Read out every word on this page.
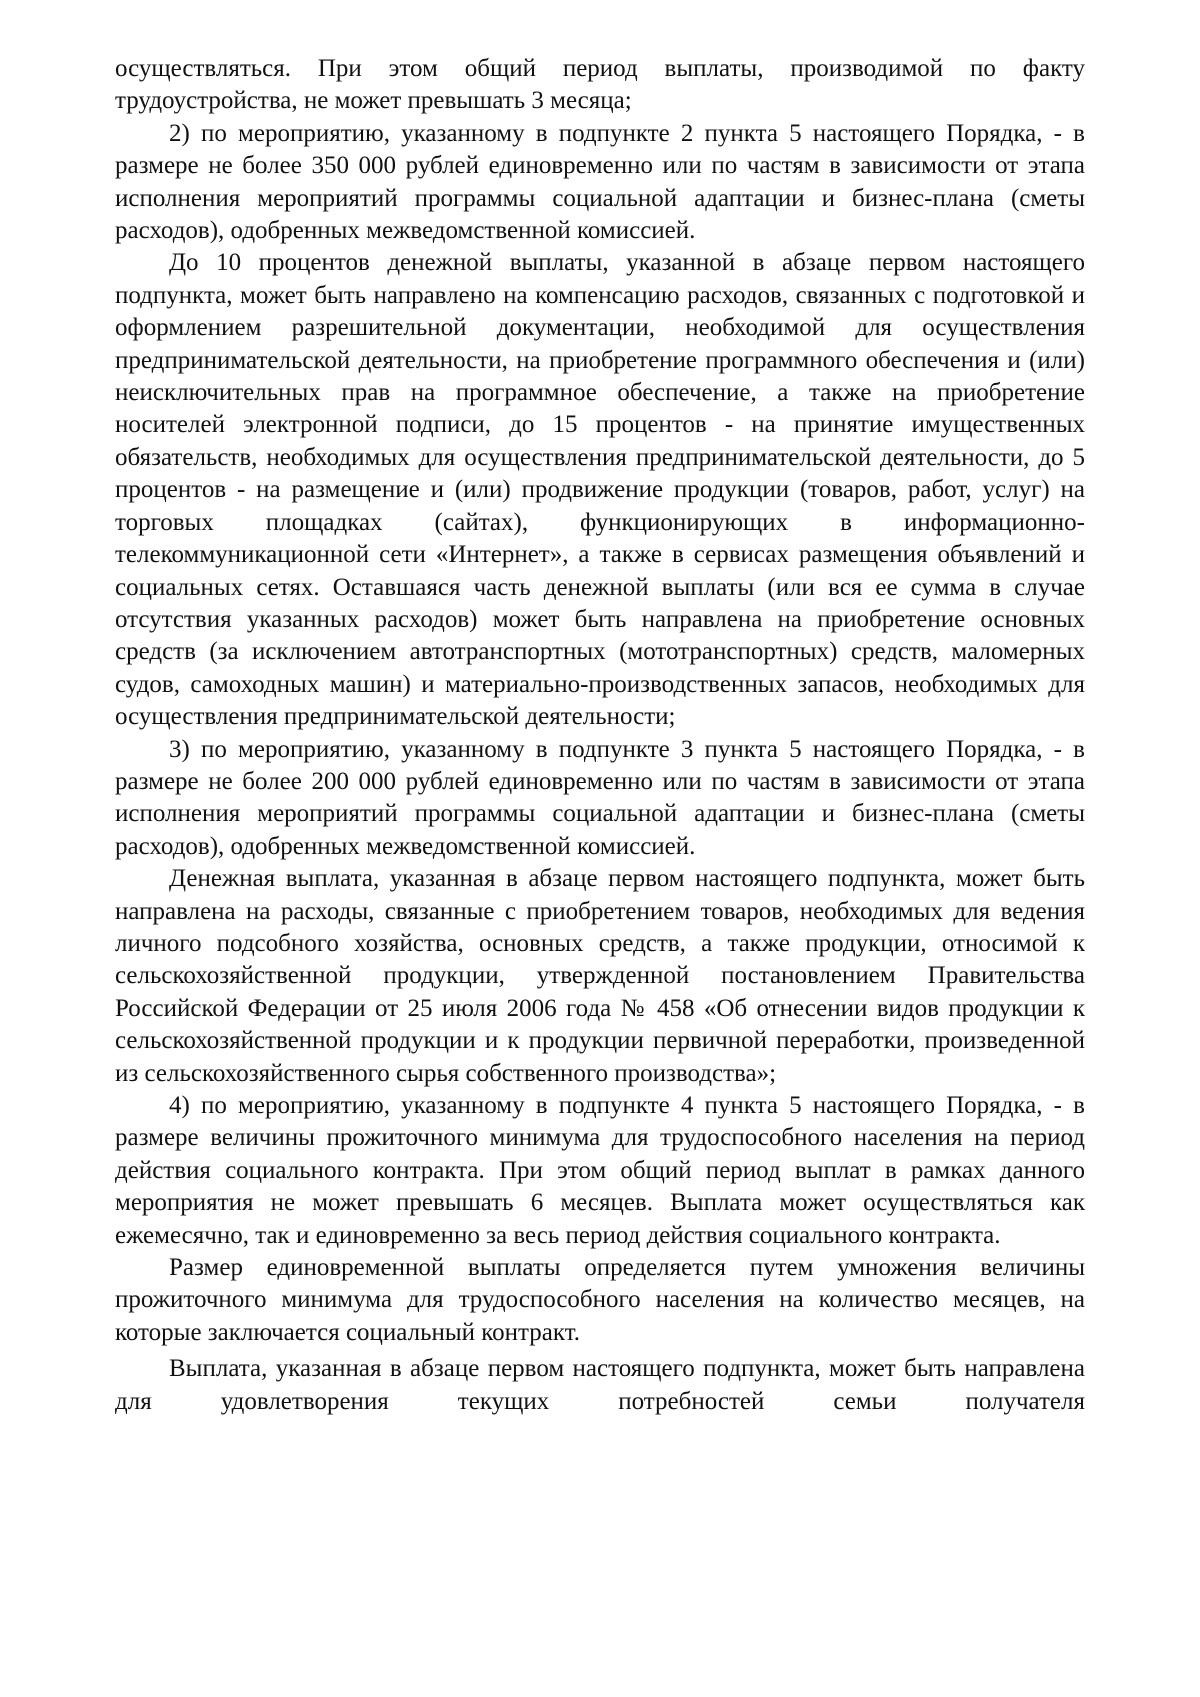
осуществляться. При этом общий период выплаты, производимой по факту трудоустройства, не может превышать 3 месяца;

2) по мероприятию, указанному в подпункте 2 пункта 5 настоящего Порядка, - в размере не более 350 000 рублей единовременно или по частям в зависимости от этапа исполнения мероприятий программы социальной адаптации и бизнес-плана (сметы расходов), одобренных межведомственной комиссией.

До 10 процентов денежной выплаты, указанной в абзаце первом настоящего подпункта, может быть направлено на компенсацию расходов, связанных с подготовкой и оформлением разрешительной документации, необходимой для осуществления предпринимательской деятельности, на приобретение программного обеспечения и (или) неисключительных прав на программное обеспечение, а также на приобретение носителей электронной подписи, до 15 процентов - на принятие имущественных обязательств, необходимых для осуществления предпринимательской деятельности, до 5 процентов - на размещение и (или) продвижение продукции (товаров, работ, услуг) на торговых площадках (сайтах), функционирующих в информационно-телекоммуникационной сети «Интернет», а также в сервисах размещения объявлений и социальных сетях. Оставшаяся часть денежной выплаты (или вся ее сумма в случае отсутствия указанных расходов) может быть направлена на приобретение основных средств (за исключением автотранспортных (мототранспортных) средств, маломерных судов, самоходных машин) и материально-производственных запасов, необходимых для осуществления предпринимательской деятельности;

3) по мероприятию, указанному в подпункте 3 пункта 5 настоящего Порядка, - в размере не более 200 000 рублей единовременно или по частям в зависимости от этапа исполнения мероприятий программы социальной адаптации и бизнес-плана (сметы расходов), одобренных межведомственной комиссией.

Денежная выплата, указанная в абзаце первом настоящего подпункта, может быть направлена на расходы, связанные с приобретением товаров, необходимых для ведения личного подсобного хозяйства, основных средств, а также продукции, относимой к сельскохозяйственной продукции, утвержденной постановлением Правительства Российской Федерации от 25 июля 2006 года № 458 «Об отнесении видов продукции к сельскохозяйственной продукции и к продукции первичной переработки, произведенной из сельскохозяйственного сырья собственного производства»;

4) по мероприятию, указанному в подпункте 4 пункта 5 настоящего Порядка, - в размере величины прожиточного минимума для трудоспособного населения на период действия социального контракта. При этом общий период выплат в рамках данного мероприятия не может превышать 6 месяцев. Выплата может осуществляться как ежемесячно, так и единовременно за весь период действия социального контракта.

Размер единовременной выплаты определяется путем умножения величины прожиточного минимума для трудоспособного населения на количество месяцев, на которые заключается социальный контракт.

Выплата, указанная в абзаце первом настоящего подпункта, может быть направлена для удовлетворения текущих потребностей семьи получателя
